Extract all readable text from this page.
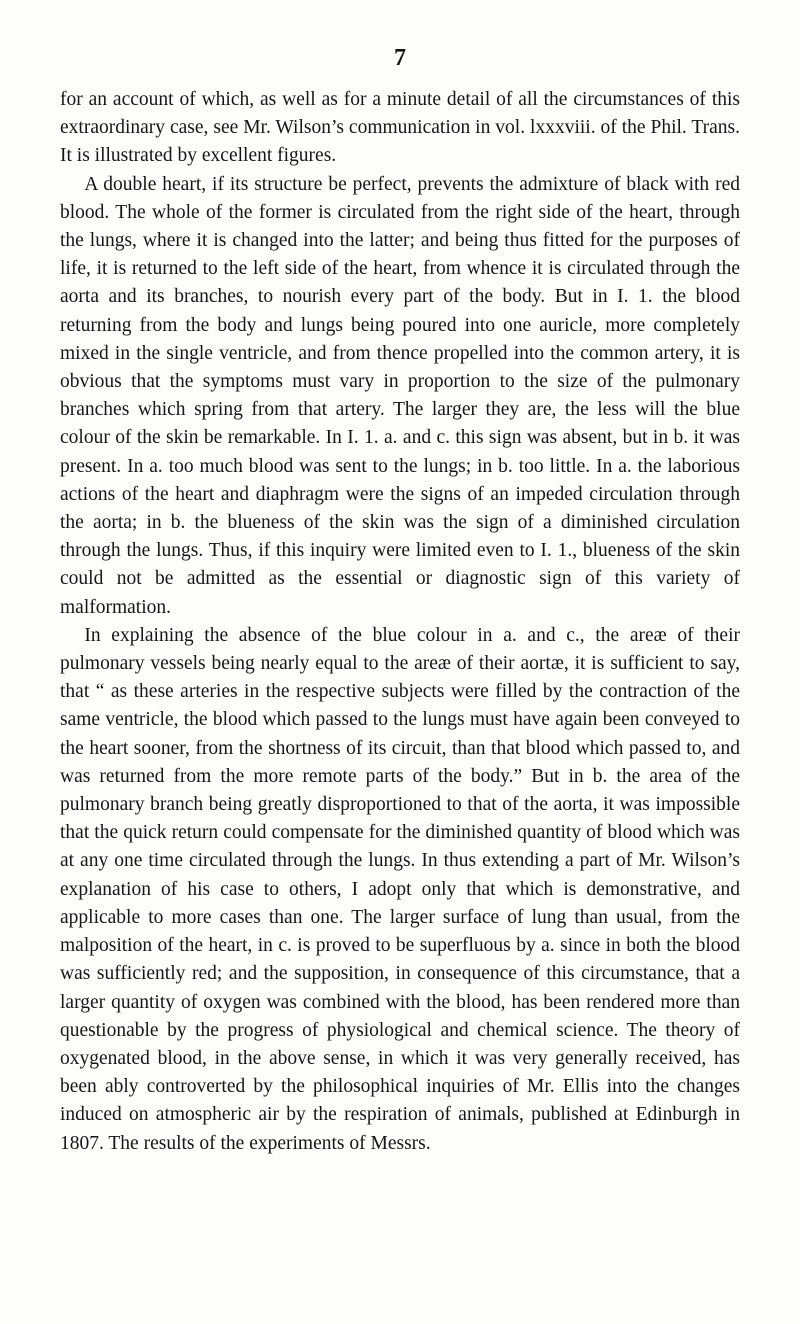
7

for an account of which, as well as for a minute detail of all the circumstances of this extraordinary case, see Mr. Wilson’s communication in vol. lxxxviii. of the Phil. Trans. It is illustrated by excellent figures.

A double heart, if its structure be perfect, prevents the admixture of black with red blood. The whole of the former is circulated from the right side of the heart, through the lungs, where it is changed into the latter; and being thus fitted for the purposes of life, it is returned to the left side of the heart, from whence it is circulated through the aorta and its branches, to nourish every part of the body. But in I. 1. the blood returning from the body and lungs being poured into one auricle, more completely mixed in the single ventricle, and from thence propelled into the common artery, it is obvious that the symptoms must vary in proportion to the size of the pulmonary branches which spring from that artery. The larger they are, the less will the blue colour of the skin be remarkable. In I. 1. a. and c. this sign was absent, but in b. it was present. In a. too much blood was sent to the lungs; in b. too little. In a. the laborious actions of the heart and diaphragm were the signs of an impeded circulation through the aorta; in b. the blueness of the skin was the sign of a diminished circulation through the lungs. Thus, if this inquiry were limited even to I. 1., blueness of the skin could not be admitted as the essential or diagnostic sign of this variety of malformation.

In explaining the absence of the blue colour in a. and c., the areæ of their pulmonary vessels being nearly equal to the areæ of their aortæ, it is sufficient to say, that “ as these arteries in the respective subjects were filled by the contraction of the same ventricle, the blood which passed to the lungs must have again been conveyed to the heart sooner, from the shortness of its circuit, than that blood which passed to, and was returned from the more remote parts of the body.” But in b. the area of the pulmonary branch being greatly disproportioned to that of the aorta, it was impossible that the quick return could compensate for the diminished quantity of blood which was at any one time circulated through the lungs. In thus extending a part of Mr. Wilson’s explanation of his case to others, I adopt only that which is demonstrative, and applicable to more cases than one. The larger surface of lung than usual, from the malposition of the heart, in c. is proved to be superfluous by a. since in both the blood was sufficiently red; and the supposition, in consequence of this circumstance, that a larger quantity of oxygen was combined with the blood, has been rendered more than questionable by the progress of physiological and chemical science. The theory of oxygenated blood, in the above sense, in which it was very generally received, has been ably controverted by the philosophical inquiries of Mr. Ellis into the changes induced on atmospheric air by the respiration of animals, published at Edinburgh in 1807. The results of the experiments of Messrs.
